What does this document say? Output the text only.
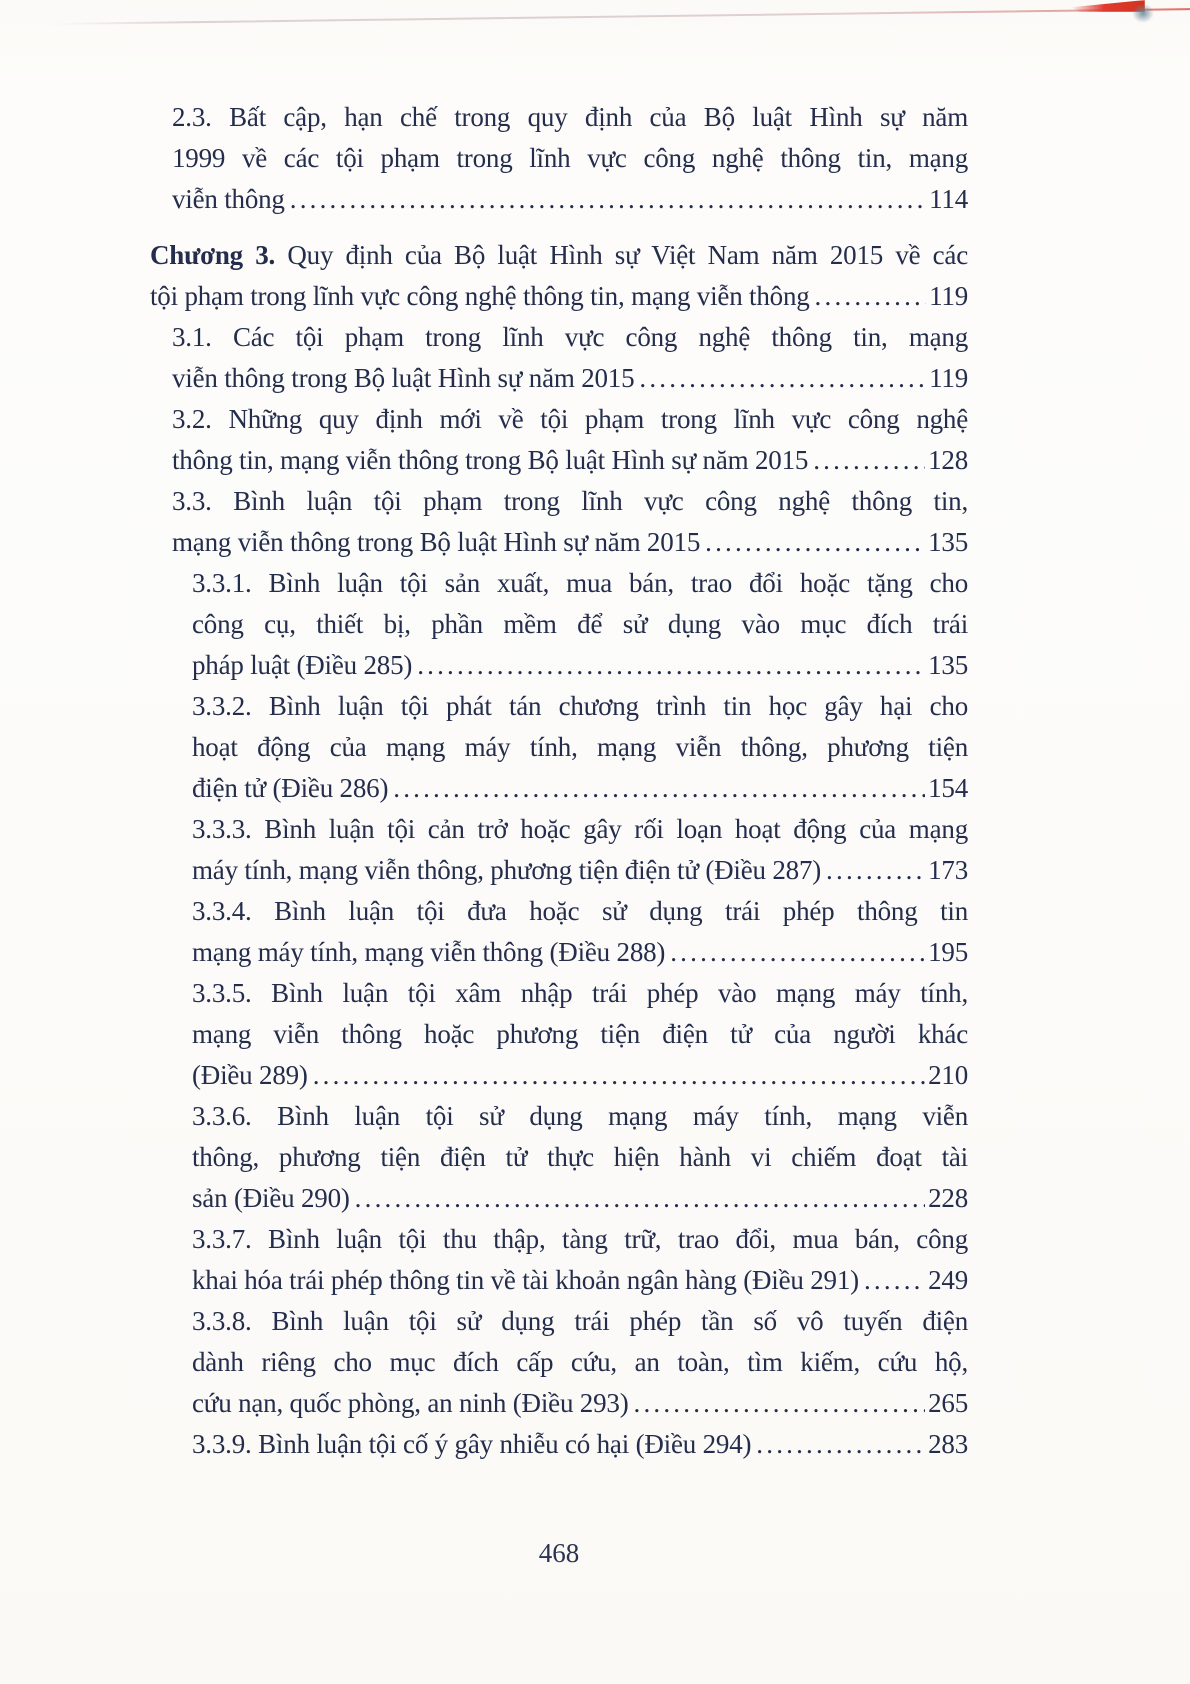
2.3. Bất cập, hạn chế trong quy định của Bộ luật Hình sự năm
1999 về các tội phạm trong lĩnh vực công nghệ thông tin, mạng
viễn thông .....	114
Chương 3. Quy định của Bộ luật Hình sự Việt Nam năm 2015 về các
tội phạm trong lĩnh vực công nghệ thông tin, mạng viễn thông .....	119
3.1. Các tội phạm trong lĩnh vực công nghệ thông tin, mạng
viễn thông trong Bộ luật Hình sự năm 2015 .....	119
3.2. Những quy định mới về tội phạm trong lĩnh vực công nghệ
thông tin, mạng viễn thông trong Bộ luật Hình sự năm 2015 .....	128
3.3. Bình luận tội phạm trong lĩnh vực công nghệ thông tin,
mạng viễn thông trong Bộ luật Hình sự năm 2015 .....	135
3.3.1. Bình luận tội sản xuất, mua bán, trao đổi hoặc tặng cho
công cụ, thiết bị, phần mềm để sử dụng vào mục đích trái
pháp luật (Điều 285) .....	135
3.3.2. Bình luận tội phát tán chương trình tin học gây hại cho
hoạt động của mạng máy tính, mạng viễn thông, phương tiện
điện tử (Điều 286) .....	154
3.3.3. Bình luận tội cản trở hoặc gây rối loạn hoạt động của mạng
máy tính, mạng viễn thông, phương tiện điện tử (Điều 287) .....	173
3.3.4. Bình luận tội đưa hoặc sử dụng trái phép thông tin
mạng máy tính, mạng viễn thông (Điều 288) .....	195
3.3.5. Bình luận tội xâm nhập trái phép vào mạng máy tính,
mạng viễn thông hoặc phương tiện điện tử của người khác
(Điều 289) .....	210
3.3.6. Bình luận tội sử dụng mạng máy tính, mạng viễn
thông, phương tiện điện tử thực hiện hành vi chiếm đoạt tài
sản (Điều 290) .....	228
3.3.7. Bình luận tội thu thập, tàng trữ, trao đổi, mua bán, công
khai hóa trái phép thông tin về tài khoản ngân hàng (Điều 291) .....	249
3.3.8. Bình luận tội sử dụng trái phép tần số vô tuyến điện
dành riêng cho mục đích cấp cứu, an toàn, tìm kiếm, cứu hộ,
cứu nạn, quốc phòng, an ninh (Điều 293) .....	265
3.3.9. Bình luận tội cố ý gây nhiễu có hại (Điều 294) .....	283
468
